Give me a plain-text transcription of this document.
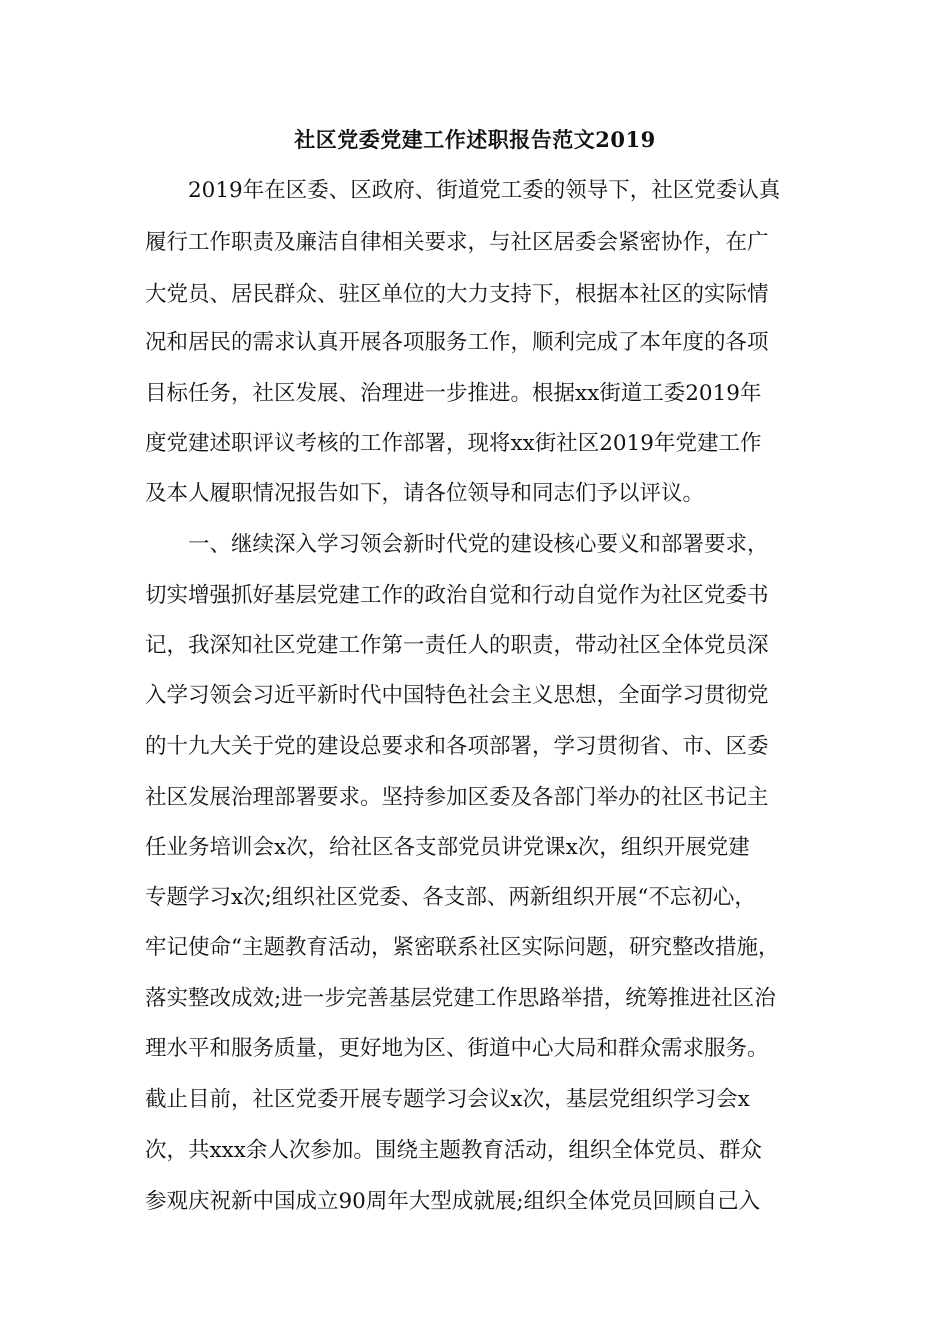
社区党委党建工作述职报告范文2019
2019年在区委、区政府、街道党工委的领导下，社区党委认真
履行工作职责及廉洁自律相关要求，与社区居委会紧密协作，在广
大党员、居民群众、驻区单位的大力支持下，根据本社区的实际情
况和居民的需求认真开展各项服务工作，顺利完成了本年度的各项
目标任务，社区发展、治理进一步推进。根据xx街道工委2019年
度党建述职评议考核的工作部署，现将xx街社区2019年党建工作
及本人履职情况报告如下，请各位领导和同志们予以评议。
一、继续深入学习领会新时代党的建设核心要义和部署要求，
切实增强抓好基层党建工作的政治自觉和行动自觉作为社区党委书
记，我深知社区党建工作第一责任人的职责，带动社区全体党员深
入学习领会习近平新时代中国特色社会主义思想，全面学习贯彻党
的十九大关于党的建设总要求和各项部署，学习贯彻省、市、区委
社区发展治理部署要求。坚持参加区委及各部门举办的社区书记主
任业务培训会x次，给社区各支部党员讲党课x次，组织开展党建
专题学习x次;组织社区党委、各支部、两新组织开展“不忘初心，
牢记使命“主题教育活动，紧密联系社区实际问题，研究整改措施，
落实整改成效;进一步完善基层党建工作思路举措，统筹推进社区治
理水平和服务质量，更好地为区、街道中心大局和群众需求服务。
截止目前，社区党委开展专题学习会议x次，基层党组织学习会x
次，共xxx余人次参加。围绕主题教育活动，组织全体党员、群众
参观庆祝新中国成立90周年大型成就展;组织全体党员回顾自己入
